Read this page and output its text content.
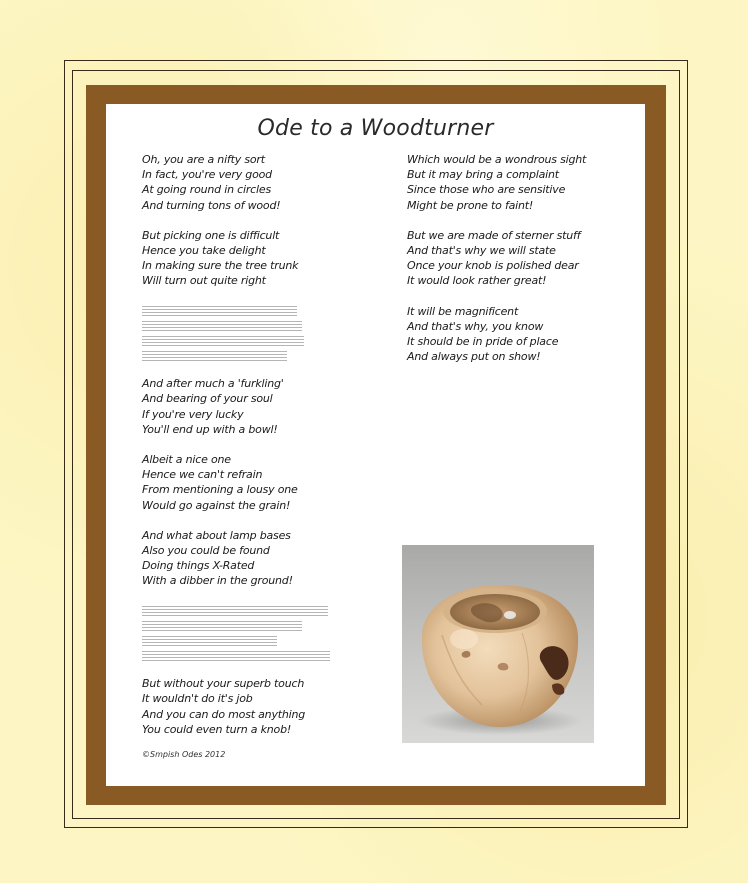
Ode to a Woodturner
Oh, you are a nifty sort
In fact, you're very good
At going round in circles
And turning tons of wood!
But picking one is difficult
Hence you take delight
In making sure the tree trunk
Will turn out quite right
And after much a 'furkling'
And bearing of your soul
If you're very lucky
You'll end up with a bowl!
Albeit a nice one
Hence we can't refrain
From mentioning a lousy one
Would go against the grain!
And what about lamp bases
Also you could be found
Doing things X-Rated
With a dibber in the ground!
But without your superb touch
It wouldn't do it's job
And you can do most anything
You could even turn a knob!
Which would be a wondrous sight
But it may bring a complaint
Since those who are sensitive
Might be prone to faint!
But we are made of sterner stuff
And that's why we will state
Once your knob is polished dear
It would look rather great!
It will be magnificent
And that's why, you know
It should be in pride of place
And always put on show!
©Smpish Odes 2012
